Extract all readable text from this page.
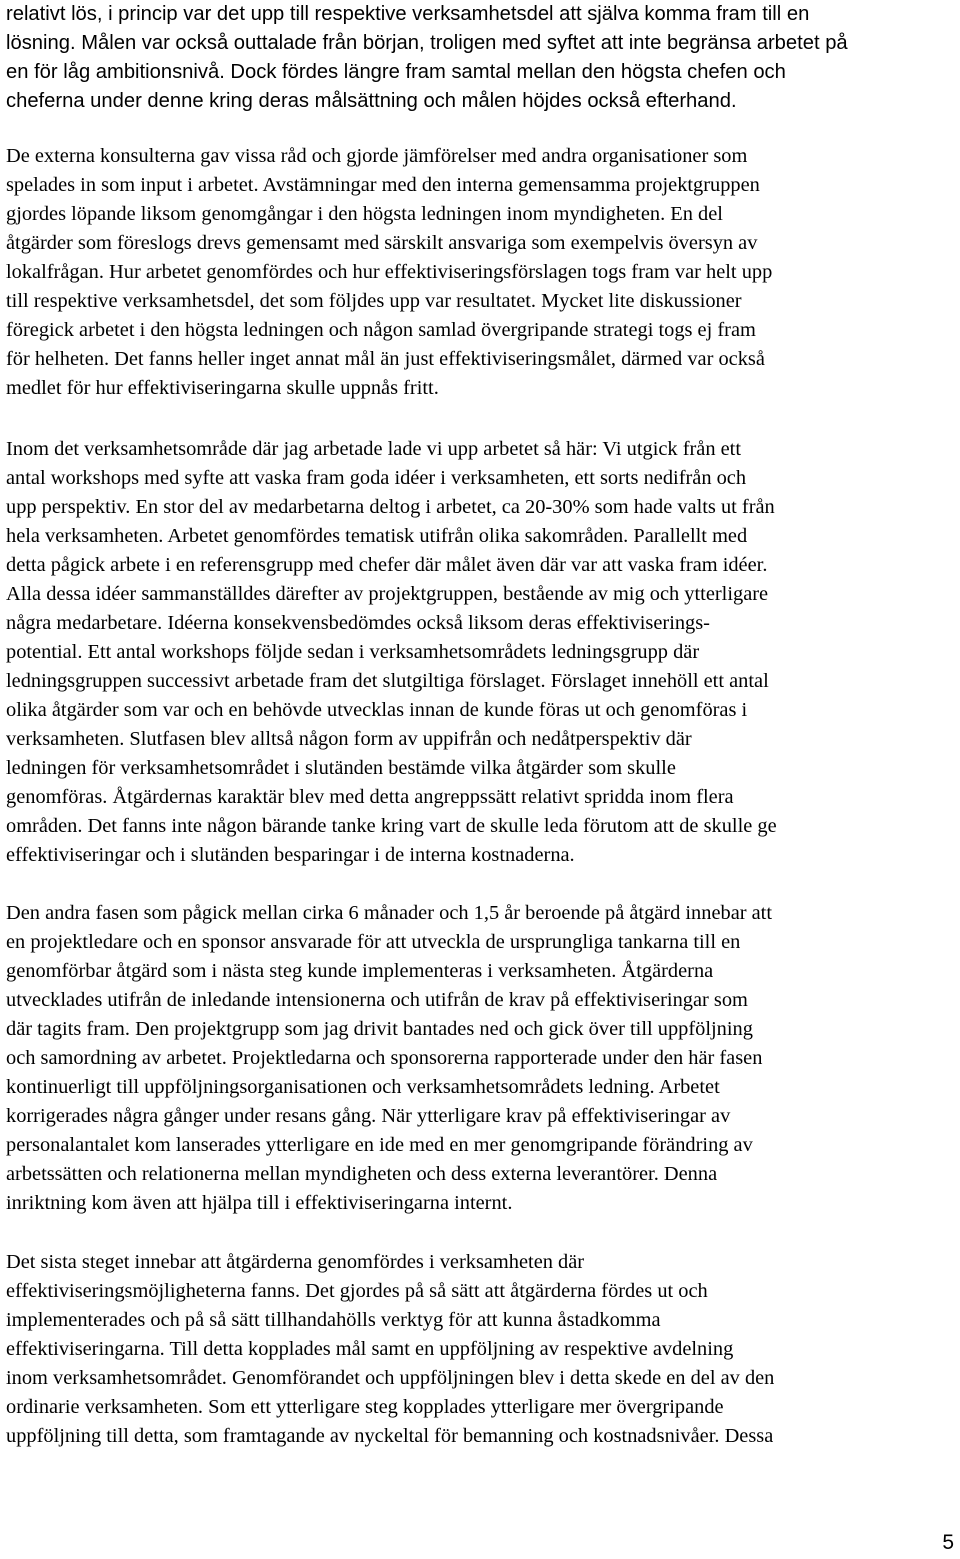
relativt lös, i princip var det upp till respektive verksamhetsdel att själva komma fram till en
lösning. Målen var också outtalade från början, troligen med syftet att inte begränsa arbetet på
en för låg ambitionsnivå. Dock fördes längre fram samtal mellan den högsta chefen och
cheferna under denne kring deras målsättning och målen höjdes också efterhand.
De externa konsulterna gav vissa råd och gjorde jämförelser med andra organisationer som
spelades in som input i arbetet. Avstämningar med den interna gemensamma projektgruppen
gjordes löpande liksom genomgångar i den högsta ledningen inom myndigheten. En del
åtgärder som föreslogs drevs gemensamt med särskilt ansvariga som exempelvis översyn av
lokalfrågan. Hur arbetet genomfördes och hur effektiviseringsförslagen togs fram var helt upp
till respektive verksamhetsdel, det som följdes upp var resultatet. Mycket lite diskussioner
föregick arbetet i den högsta ledningen och någon samlad övergripande strategi togs ej fram
för helheten. Det fanns heller inget annat mål än just effektiviseringsmålet, därmed var också
medlet för hur effektiviseringarna skulle uppnås fritt.
Inom det verksamhetsområde där jag arbetade lade vi upp arbetet så här: Vi utgick från ett
antal workshops med syfte att vaska fram goda idéer i verksamheten, ett sorts nedifrån och
upp perspektiv. En stor del av medarbetarna deltog i arbetet, ca 20-30% som hade valts ut från
hela verksamheten. Arbetet genomfördes tematisk utifrån olika sakområden. Parallellt med
detta pågick arbete i en referensgrupp med chefer där målet även där var att vaska fram idéer.
Alla dessa idéer sammanställdes därefter av projektgruppen, bestående av mig och ytterligare
några medarbetare. Idéerna konsekvensbedömdes också liksom deras effektiviserings-
potential. Ett antal workshops följde sedan i verksamhetsområdets ledningsgrupp där
ledningsgruppen successivt arbetade fram det slutgiltiga förslaget. Förslaget innehöll ett antal
olika åtgärder som var och en behövde utvecklas innan de kunde föras ut och genomföras i
verksamheten. Slutfasen blev alltså någon form av uppifrån och nedåtperspektiv där
ledningen för verksamhetsområdet i slutänden bestämde vilka åtgärder som skulle
genomföras. Åtgärdernas karaktär blev med detta angreppssätt relativt spridda inom flera
områden. Det fanns inte någon bärande tanke kring vart de skulle leda förutom att de skulle ge
effektiviseringar och i slutänden besparingar i de interna kostnaderna.
Den andra fasen som pågick mellan cirka 6 månader och 1,5 år beroende på åtgärd innebar att
en projektledare och en sponsor ansvarade för att utveckla de ursprungliga tankarna till en
genomförbar åtgärd som i nästa steg kunde implementeras i verksamheten. Åtgärderna
utvecklades utifrån de inledande intensionerna och utifrån de krav på effektiviseringar som
där tagits fram. Den projektgrupp som jag drivit bantades ned och gick över till uppföljning
och samordning av arbetet. Projektledarna och sponsorerna rapporterade under den här fasen
kontinuerligt till uppföljningsorganisationen och verksamhetsområdets ledning. Arbetet
korrigerades några gånger under resans gång. När ytterligare krav på effektiviseringar av
personalantalet kom lanserades ytterligare en ide med en mer genomgripande förändring av
arbetssätten och relationerna mellan myndigheten och dess externa leverantörer. Denna
inriktning kom även att hjälpa till i effektiviseringarna internt.
Det sista steget innebar att åtgärderna genomfördes i verksamheten där
effektiviseringsmöjligheterna fanns. Det gjordes på så sätt att åtgärderna fördes ut och
implementerades och på så sätt tillhandahölls verktyg för att kunna åstadkomma
effektiviseringarna. Till detta kopplades mål samt en uppföljning av respektive avdelning
inom verksamhetsområdet. Genomförandet och uppföljningen blev i detta skede en del av den
ordinarie verksamheten. Som ett ytterligare steg kopplades ytterligare mer övergripande
uppföljning till detta, som framtagande av nyckeltal för bemanning och kostnadsnivåer. Dessa
5
